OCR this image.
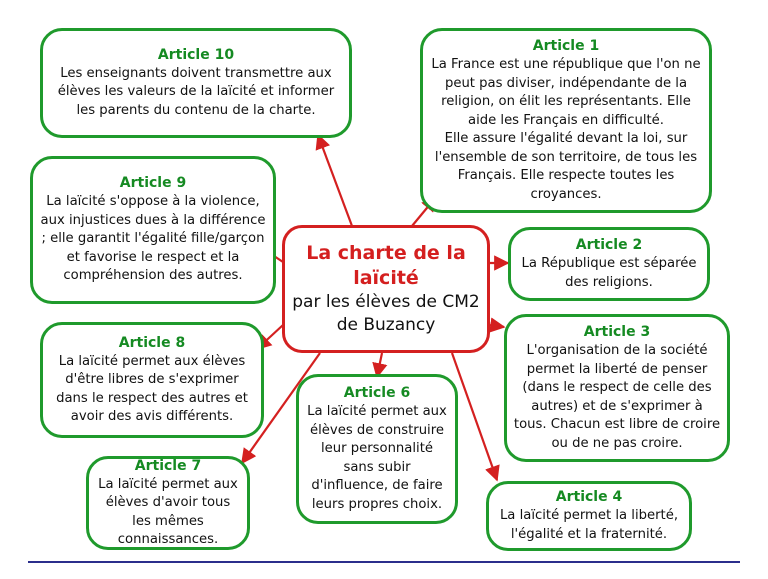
Article 10
Les enseignants doivent transmettre aux élèves les valeurs de la laïcité et informer les parents du contenu de la charte.
Article 1
La France est une république que l'on ne peut pas diviser, indépendante de la religion, on élit les représentants. Elle aide les Français en difficulté.
Elle assure l'égalité devant la loi, sur l'ensemble de son territoire, de tous les Français. Elle respecte toutes les croyances.
Article 9
La laïcité s'oppose à la violence, aux injustices dues à la différence ; elle garantit l'égalité fille/garçon et favorise le respect et la compréhension des autres.
Article 2
La République est séparée des religions.
La charte de la
laïcité
par les élèves de CM2
de Buzancy
Article 8
La laïcité permet aux élèves d'être libres de s'exprimer dans le respect des autres et avoir des avis différents.
Article 3
L'organisation de la société permet la liberté de penser (dans le respect de celle des autres) et de s'exprimer à tous. Chacun est libre de croire ou de ne pas croire.
Article 6
La laïcité permet aux élèves de construire leur personnalité sans subir d'influence, de faire leurs propres choix.
Article 7
La laïcité permet aux élèves d'avoir tous les mêmes connaissances.
Article 4
La laïcité permet la liberté, l'égalité et la fraternité.
